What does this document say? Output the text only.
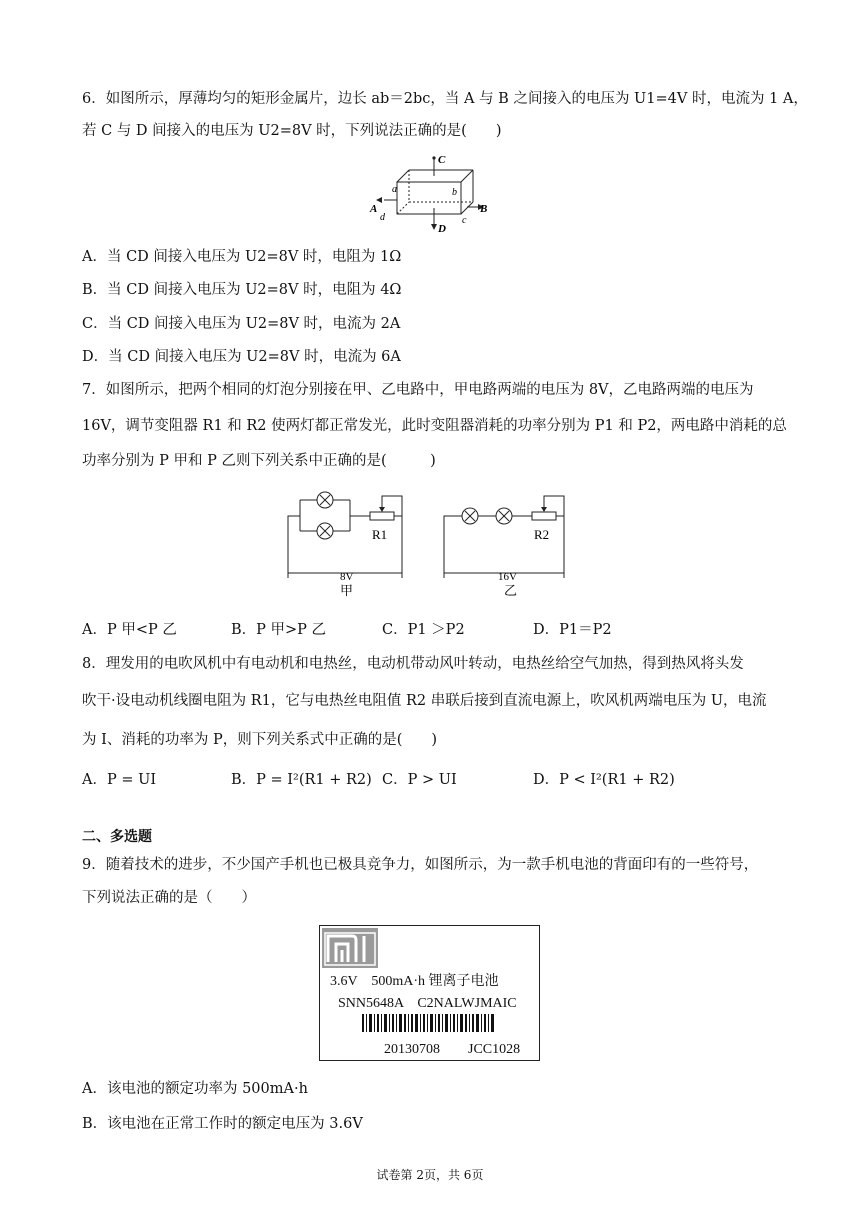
6．如图所示，厚薄均匀的矩形金属片，边长 ab＝2bc，当 A 与 B 之间接入的电压为 U1=4V 时，电流为 1 A，
若 C 与 D 间接入的电压为 U2=8V 时，下列说法正确的是(　　)
C
a	b
A	B
d	c
D
A．当 CD 间接入电压为 U2=8V 时，电阻为 1Ω
B．当 CD 间接入电压为 U2=8V 时，电阻为 4Ω
C．当 CD 间接入电压为 U2=8V 时，电流为 2A
D．当 CD 间接入电压为 U2=8V 时，电流为 6A
7．如图所示，把两个相同的灯泡分别接在甲、乙电路中，甲电路两端的电压为 8V，乙电路两端的电压为
16V，调节变阻器 R1 和 R2 使两灯都正常发光，此时变阻器消耗的功率分别为 P1 和 P2，两电路中消耗的总
功率分别为 P 甲和 P 乙则下列关系中正确的是(　　　)
R1
8V
甲
R2
16V
乙
A．P 甲<P 乙	B．P 甲>P 乙	C．P1 ＞P2	D．P1＝P2
8．理发用的电吹风机中有电动机和电热丝，电动机带动风叶转动，电热丝给空气加热，得到热风将头发
吹干·设电动机线圈电阻为 R1，它与电热丝电阻值 R2 串联后接到直流电源上，吹风机两端电压为 U，电流
为 I、消耗的功率为 P，则下列关系式中正确的是(　　)
A．P = UI	B．P = I²(R1 + R2) C．P > UI	D．P < I²(R1 + R2)
二、多选题
9．随着技术的进步，不少国产手机也已极具竞争力，如图所示，为一款手机电池的背面印有的一些符号，
下列说法正确的是（　　）
3.6V　500mA·h 锂离子电池
SNN5648A　C2NALWJMAIC
20130708　　JCC1028
A．该电池的额定功率为 500mA·h
B．该电池在正常工作时的额定电压为 3.6V
试卷第 2页，共 6页
